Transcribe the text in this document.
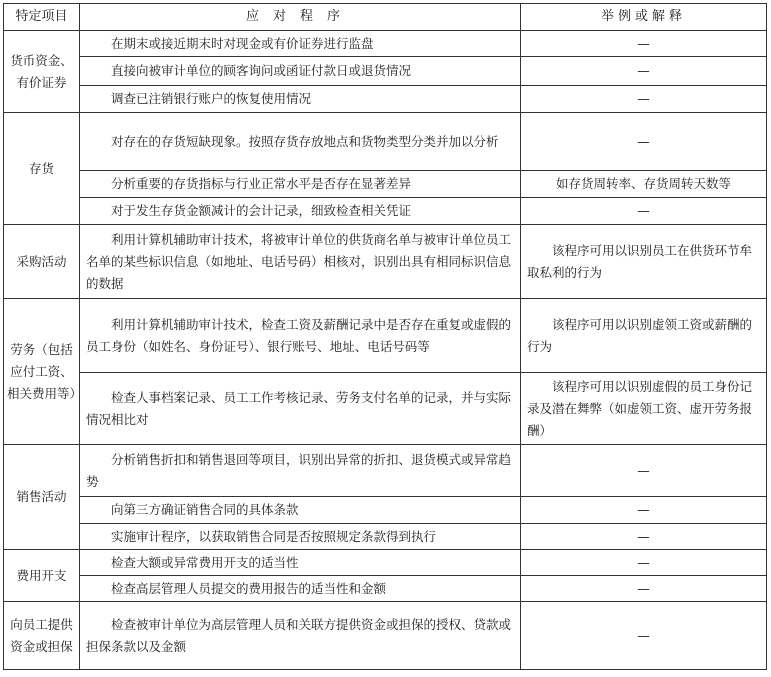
特定项目	应对程序	举例或解释
货币资金、有价证券	在期末或接近期末时对现金或有价证券进行监盘	—
	直接向被审计单位的顾客询问或函证付款日或退货情况	—
	调查已注销银行账户的恢复使用情况	—
存货	对存在的存货短缺现象。按照存货存放地点和货物类型分类并加以分析	—
	分析重要的存货指标与行业正常水平是否存在显著差异	如存货周转率、存货周转天数等
	对于发生存货金额减计的会计记录，细致检查相关凭证	—
采购活动	利用计算机辅助审计技术，将被审计单位的供货商名单与被审计单位员工名单的某些标识信息（如地址、电话号码）相核对，识别出具有相同标识信息的数据	该程序可用以识别员工在供货环节牟取私利的行为
劳务（包括应付工资、相关费用等）	利用计算机辅助审计技术，检查工资及薪酬记录中是否存在重复或虚假的员工身份（如姓名、身份证号）、银行账号、地址、电话号码等	该程序可用以识别虚领工资或薪酬的行为
	检查人事档案记录、员工工作考核记录、劳务支付名单的记录，并与实际情况相比对	该程序可用以识别虚假的员工身份记录及潜在舞弊（如虚领工资、虚开劳务报酬）
销售活动	分析销售折扣和销售退回等项目，识别出异常的折扣、退货模式或异常趋势	—
	向第三方确证销售合同的具体条款	—
	实施审计程序，以获取销售合同是否按照规定条款得到执行	—
费用开支	检查大额或异常费用开支的适当性	—
	检查高层管理人员提交的费用报告的适当性和金额	—
向员工提供资金或担保	检查被审计单位为高层管理人员和关联方提供资金或担保的授权、贷款或担保条款以及金额	—
